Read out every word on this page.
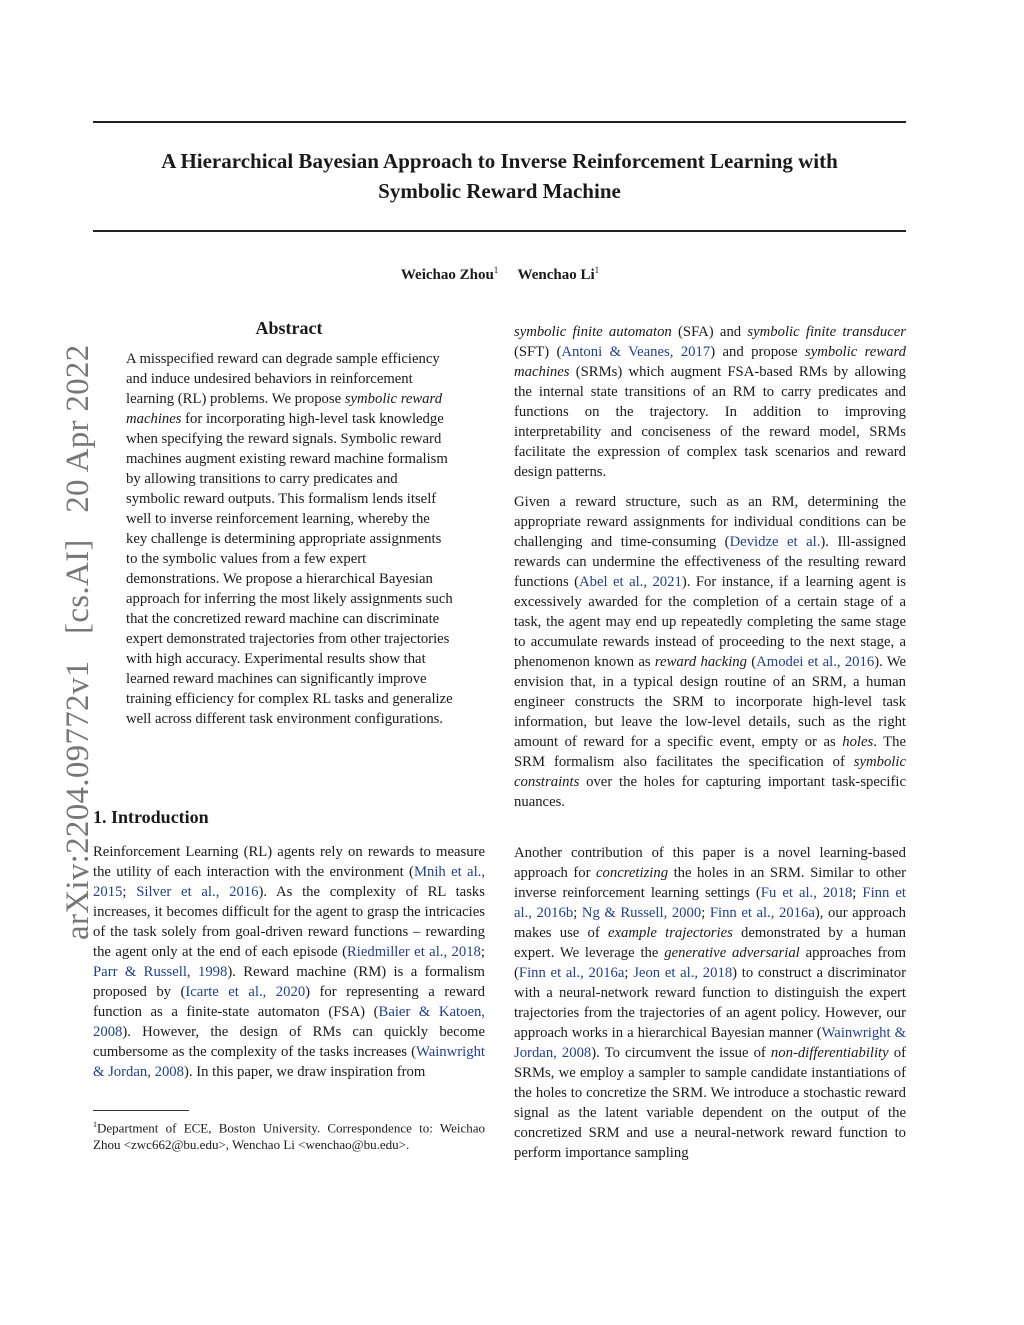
A Hierarchical Bayesian Approach to Inverse Reinforcement Learning with
Symbolic Reward Machine
Weichao Zhou$^1$ Wenchao Li$^1$
arXiv:2204.09772v1 [cs.AI] 20 Apr 2022
Abstract
A misspecified reward can degrade sample efficiency and induce undesired behaviors in reinforcement learning (RL) problems. We propose symbolic reward machines for incorporating high-level task knowledge when specifying the reward signals. Symbolic reward machines augment existing reward machine formalism by allowing transitions to carry predicates and symbolic reward outputs. This formalism lends itself well to inverse reinforcement learning, whereby the key challenge is determining appropriate assignments to the symbolic values from a few expert demonstrations. We propose a hierarchical Bayesian approach for inferring the most likely assignments such that the concretized reward machine can discriminate expert demonstrated trajectories from other trajectories with high accuracy. Experimental results show that learned reward machines can significantly improve training efficiency for complex RL tasks and generalize well across different task environment configurations.
1. Introduction
Reinforcement Learning (RL) agents rely on rewards to measure the utility of each interaction with the environment (Mnih et al., 2015; Silver et al., 2016). As the complexity of RL tasks increases, it becomes difficult for the agent to grasp the intricacies of the task solely from goal-driven reward functions – rewarding the agent only at the end of each episode (Riedmiller et al., 2018; Parr & Russell, 1998). Reward machine (RM) is a formalism proposed by (Icarte et al., 2020) for representing a reward function as a finite-state automaton (FSA) (Baier & Katoen, 2008). However, the design of RMs can quickly become cumbersome as the complexity of the tasks increases (Wainwright & Jordan, 2008). In this paper, we draw inspiration from
$^1$Department of ECE, Boston University. Correspondence to: Weichao Zhou <zwc662@bu.edu>, Wenchao Li <wenchao@bu.edu>.
symbolic finite automaton (SFA) and symbolic finite transducer (SFT) (Antoni & Veanes, 2017) and propose symbolic reward machines (SRMs) which augment FSA-based RMs by allowing the internal state transitions of an RM to carry predicates and functions on the trajectory. In addition to improving interpretability and conciseness of the reward model, SRMs facilitate the expression of complex task scenarios and reward design patterns.
Given a reward structure, such as an RM, determining the appropriate reward assignments for individual conditions can be challenging and time-consuming (Devidze et al.). Ill-assigned rewards can undermine the effectiveness of the resulting reward functions (Abel et al., 2021). For instance, if a learning agent is excessively awarded for the completion of a certain stage of a task, the agent may end up repeatedly completing the same stage to accumulate rewards instead of proceeding to the next stage, a phenomenon known as reward hacking (Amodei et al., 2016). We envision that, in a typical design routine of an SRM, a human engineer constructs the SRM to incorporate high-level task information, but leave the low-level details, such as the right amount of reward for a specific event, empty or as holes. The SRM formalism also facilitates the specification of symbolic constraints over the holes for capturing important task-specific nuances.
Another contribution of this paper is a novel learning-based approach for concretizing the holes in an SRM. Similar to other inverse reinforcement learning settings (Fu et al., 2018; Finn et al., 2016b; Ng & Russell, 2000; Finn et al., 2016a), our approach makes use of example trajectories demonstrated by a human expert. We leverage the generative adversarial approaches from (Finn et al., 2016a; Jeon et al., 2018) to construct a discriminator with a neural-network reward function to distinguish the expert trajectories from the trajectories of an agent policy. However, our approach works in a hierarchical Bayesian manner (Wainwright & Jordan, 2008). To circumvent the issue of non-differentiability of SRMs, we employ a sampler to sample candidate instantiations of the holes to concretize the SRM. We introduce a stochastic reward signal as the latent variable dependent on the output of the concretized SRM and use a neural-network reward function to perform importance sampling
